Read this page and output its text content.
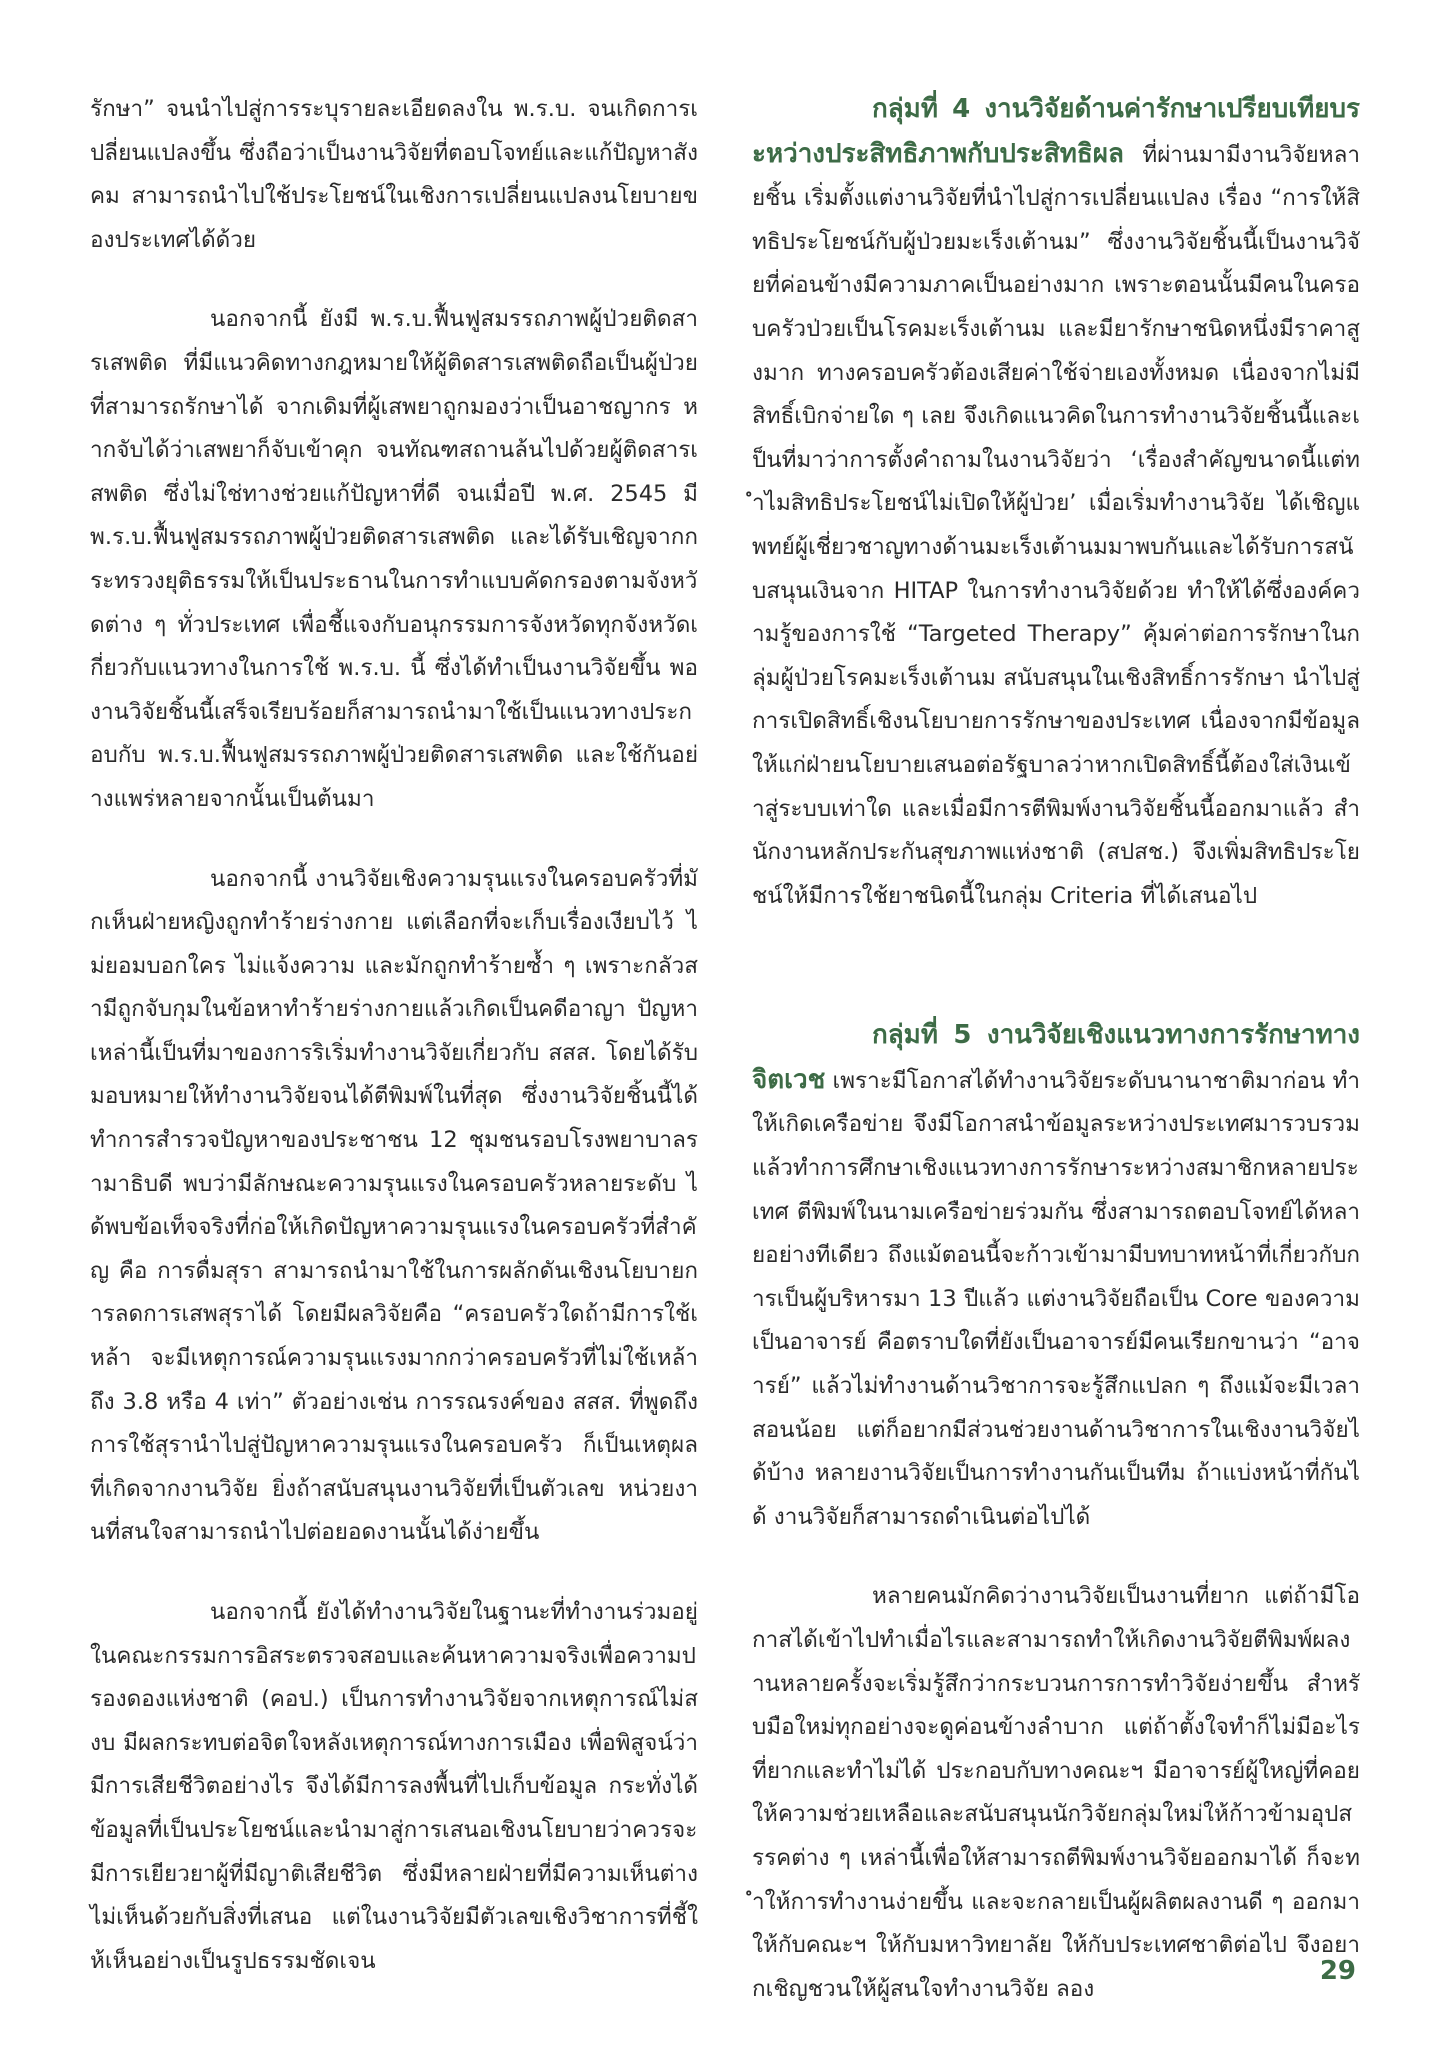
รักษา” จนนำไปสู่การระบุรายละเอียดลงใน พ.ร.บ. จนเกิดการเปลี่ยนแปลงขึ้น ซึ่งถือว่าเป็นงานวิจัยที่ตอบโจทย์และแก้ปัญหาสังคม สามารถนำไปใช้ประโยชน์ในเชิงการเปลี่ยนแปลงนโยบายของประเทศได้ด้วย

นอกจากนี้ ยังมี พ.ร.บ.ฟื้นฟูสมรรถภาพผู้ป่วยติดสารเสพติด ที่มีแนวคิดทางกฎหมายให้ผู้ติดสารเสพติดถือเป็นผู้ป่วยที่สามารถรักษาได้ จากเดิมที่ผู้เสพยาถูกมองว่าเป็นอาชญากร หากจับได้ว่าเสพยาก็จับเข้าคุก จนทัณฑสถานล้นไปด้วยผู้ติดสารเสพติด ซึ่งไม่ใช่ทางช่วยแก้ปัญหาที่ดี จนเมื่อปี พ.ศ. 2545 มี พ.ร.บ.ฟื้นฟูสมรรถภาพผู้ป่วยติดสารเสพติด และได้รับเชิญจากกระทรวงยุติธรรมให้เป็นประธานในการทำแบบคัดกรองตามจังหวัดต่าง ๆ ทั่วประเทศ เพื่อชี้แจงกับอนุกรรมการจังหวัดทุกจังหวัดเกี่ยวกับแนวทางในการใช้ พ.ร.บ. นี้ ซึ่งได้ทำเป็นงานวิจัยขึ้น พองานวิจัยชิ้นนี้เสร็จเรียบร้อยก็สามารถนำมาใช้เป็นแนวทางประกอบกับ พ.ร.บ.ฟื้นฟูสมรรถภาพผู้ป่วยติดสารเสพติด และใช้กันอย่างแพร่หลายจากนั้นเป็นต้นมา

นอกจากนี้ งานวิจัยเชิงความรุนแรงในครอบครัวที่มักเห็นฝ่ายหญิงถูกทำร้ายร่างกาย แต่เลือกที่จะเก็บเรื่องเงียบไว้ ไม่ยอมบอกใคร ไม่แจ้งความ และมักถูกทำร้ายซ้ำ ๆ เพราะกลัวสามีถูกจับกุมในข้อหาทำร้ายร่างกายแล้วเกิดเป็นคดีอาญา ปัญหาเหล่านี้เป็นที่มาของการริเริ่มทำงานวิจัยเกี่ยวกับ สสส. โดยได้รับมอบหมายให้ทำงานวิจัยจนได้ตีพิมพ์ในที่สุด ซึ่งงานวิจัยชิ้นนี้ได้ทำการสำรวจปัญหาของประชาชน 12 ชุมชนรอบโรงพยาบาลรามาธิบดี พบว่ามีลักษณะความรุนแรงในครอบครัวหลายระดับ ได้พบข้อเท็จจริงที่ก่อให้เกิดปัญหาความรุนแรงในครอบครัวที่สำคัญ คือ การดื่มสุรา สามารถนำมาใช้ในการผลักดันเชิงนโยบายการลดการเสพสุราได้ โดยมีผลวิจัยคือ “ครอบครัวใดถ้ามีการใช้เหล้า จะมีเหตุการณ์ความรุนแรงมากกว่าครอบครัวที่ไม่ใช้เหล้าถึง 3.8 หรือ 4 เท่า” ตัวอย่างเช่น การรณรงค์ของ สสส. ที่พูดถึงการใช้สุรานำไปสู่ปัญหาความรุนแรงในครอบครัว ก็เป็นเหตุผลที่เกิดจากงานวิจัย ยิ่งถ้าสนับสนุนงานวิจัยที่เป็นตัวเลข หน่วยงานที่สนใจสามารถนำไปต่อยอดงานนั้นได้ง่ายขึ้น

นอกจากนี้ ยังได้ทำงานวิจัยในฐานะที่ทำงานร่วมอยู่ในคณะกรรมการอิสระตรวจสอบและค้นหาความจริงเพื่อความปรองดองแห่งชาติ (คอป.) เป็นการทำงานวิจัยจากเหตุการณ์ไม่สงบ มีผลกระทบต่อจิตใจหลังเหตุการณ์ทางการเมือง เพื่อพิสูจน์ว่ามีการเสียชีวิตอย่างไร จึงได้มีการลงพื้นที่ไปเก็บข้อมูล กระทั่งได้ข้อมูลที่เป็นประโยชน์และนำมาสู่การเสนอเชิงนโยบายว่าควรจะมีการเยียวยาผู้ที่มีญาติเสียชีวิต ซึ่งมีหลายฝ่ายที่มีความเห็นต่าง ไม่เห็นด้วยกับสิ่งที่เสนอ แต่ในงานวิจัยมีตัวเลขเชิงวิชาการที่ชี้ให้เห็นอย่างเป็นรูปธรรมชัดเจน

กลุ่มที่ 4 งานวิจัยด้านค่ารักษาเปรียบเทียบระหว่างประสิทธิภาพกับประสิทธิผล ที่ผ่านมามีงานวิจัยหลายชิ้น เริ่มตั้งแต่งานวิจัยที่นำไปสู่การเปลี่ยนแปลง เรื่อง “การให้สิทธิประโยชน์กับผู้ป่วยมะเร็งเต้านม” ซึ่งงานวิจัยชิ้นนี้เป็นงานวิจัยที่ค่อนข้างมีความภาคเป็นอย่างมาก เพราะตอนนั้นมีคนในครอบครัวป่วยเป็นโรคมะเร็งเต้านม และมียารักษาชนิดหนึ่งมีราคาสูงมาก ทางครอบครัวต้องเสียค่าใช้จ่ายเองทั้งหมด เนื่องจากไม่มีสิทธิ์เบิกจ่ายใด ๆ เลย จึงเกิดแนวคิดในการทำงานวิจัยชิ้นนี้และเป็นที่มาว่าการตั้งคำถามในงานวิจัยว่า ‘เรื่องสำคัญขนาดนี้แต่ทำไมสิทธิประโยชน์ไม่เปิดให้ผู้ป่วย’ เมื่อเริ่มทำงานวิจัย ได้เชิญแพทย์ผู้เชี่ยวชาญทางด้านมะเร็งเต้านมมาพบกันและได้รับการสนับสนุนเงินจาก HITAP ในการทำงานวิจัยด้วย ทำให้ได้ซึ่งองค์ความรู้ของการใช้ “Targeted Therapy” คุ้มค่าต่อการรักษาในกลุ่มผู้ป่วยโรคมะเร็งเต้านม สนับสนุนในเชิงสิทธิ์การรักษา นำไปสู่การเปิดสิทธิ์เชิงนโยบายการรักษาของประเทศ เนื่องจากมีข้อมูลให้แก่ฝ่ายนโยบายเสนอต่อรัฐบาลว่าหากเปิดสิทธิ์นี้ต้องใส่เงินเข้าสู่ระบบเท่าใด และเมื่อมีการตีพิมพ์งานวิจัยชิ้นนี้ออกมาแล้ว สำนักงานหลักประกันสุขภาพแห่งชาติ (สปสช.) จึงเพิ่มสิทธิประโยชน์ให้มีการใช้ยาชนิดนี้ในกลุ่ม Criteria ที่ได้เสนอไป

กลุ่มที่ 5 งานวิจัยเชิงแนวทางการรักษาทางจิตเวช เพราะมีโอกาสได้ทำงานวิจัยระดับนานาชาติมาก่อน ทำให้เกิดเครือข่าย จึงมีโอกาสนำข้อมูลระหว่างประเทศมารวบรวมแล้วทำการศึกษาเชิงแนวทางการรักษาระหว่างสมาชิกหลายประเทศ ตีพิมพ์ในนามเครือข่ายร่วมกัน ซึ่งสามารถตอบโจทย์ได้หลายอย่างทีเดียว ถึงแม้ตอนนี้จะก้าวเข้ามามีบทบาทหน้าที่เกี่ยวกับการเป็นผู้บริหารมา 13 ปีแล้ว แต่งานวิจัยถือเป็น Core ของความเป็นอาจารย์ คือตราบใดที่ยังเป็นอาจารย์มีคนเรียกขานว่า “อาจารย์” แล้วไม่ทำงานด้านวิชาการจะรู้สึกแปลก ๆ ถึงแม้จะมีเวลาสอนน้อย แต่ก็อยากมีส่วนช่วยงานด้านวิชาการในเชิงงานวิจัยได้บ้าง หลายงานวิจัยเป็นการทำงานกันเป็นทีม ถ้าแบ่งหน้าที่กันได้ งานวิจัยก็สามารถดำเนินต่อไปได้

หลายคนมักคิดว่างานวิจัยเป็นงานที่ยาก แต่ถ้ามีโอกาสได้เข้าไปทำเมื่อไรและสามารถทำให้เกิดงานวิจัยตีพิมพ์ผลงานหลายครั้งจะเริ่มรู้สึกว่ากระบวนการการทำวิจัยง่ายขึ้น สำหรับมือใหม่ทุกอย่างจะดูค่อนข้างลำบาก แต่ถ้าตั้งใจทำก็ไม่มีอะไรที่ยากและทำไม่ได้ ประกอบกับทางคณะฯ มีอาจารย์ผู้ใหญ่ที่คอยให้ความช่วยเหลือและสนับสนุนนักวิจัยกลุ่มใหม่ให้ก้าวข้ามอุปสรรคต่าง ๆ เหล่านี้เพื่อให้สามารถตีพิมพ์งานวิจัยออกมาได้ ก็จะทำให้การทำงานง่ายขึ้น และจะกลายเป็นผู้ผลิตผลงานดี ๆ ออกมาให้กับคณะฯ ให้กับมหาวิทยาลัย ให้กับประเทศชาติต่อไป จึงอยากเชิญชวนให้ผู้สนใจทำงานวิจัย ลอง

29
